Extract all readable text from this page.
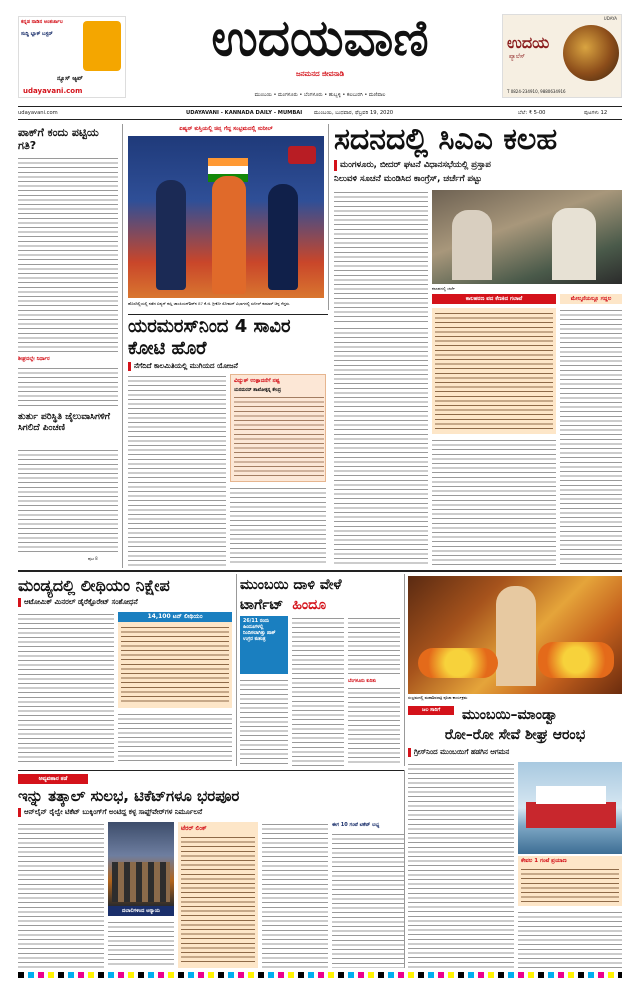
ಕನ್ನಡ ನಾಡಿನ ಅಂತರ್ಜಾಲ
ಸುದ್ದಿ ಬ್ಲಾಕ್ ಬಸ್ಟರ್
ನ್ಯೂಸ್ ಆ್ಯಪ್
udayavani.com
ಉದಯವಾಣಿ
ಜನಮನದ ಜೀವನಾಡಿ
ಮುಂಬಯಿ • ಮಂಗಳೂರು • ಬೆಂಗಳೂರು • ಹುಬ್ಬಳ್ಳಿ • ಕಲಬುರಗಿ • ಮಣಿಪಾಲ
UDAYA
ಉದಯ
ಪ್ಯಾಲೆಸ್
T 0824-234910, 9880634916
udayavani.com	UDAYAVANI - KANNADA DAILY - MUMBAI ಮುಂಬಯಿ, ಬುಧವಾರ, ಫೆಬ್ರವರಿ 19, 2020	ಬೆಲೆ: ₹ 5-00	ಪುಟಗಳು 12
ಪಾಕ್‌ಗೆ ಕಂದು ಪಟ್ಟಿಯ ಗತಿ?
ಶೀಘ್ರದಲ್ಲೇ ನಿರ್ಧಾರ
ತುರ್ತು ಪರಿಸ್ಥಿತಿ ಜೈಲುವಾಸಿಗಳಿಗೆ ಸಿಗಲಿದೆ ಪಿಂಚಣಿ
ಪುಟ 8
ಏಷ್ಯನ್ ಕುಸ್ತಿಯಲ್ಲಿ ಚಿನ್ನ ಗೆದ್ದ ಸಂಭ್ರಮದಲ್ಲಿ ಸುನೀಲ್
ಹೊಸದಿಲ್ಲಿಯಲ್ಲಿ ನಡೆದ ಏಷ್ಯನ್ ಕುಸ್ತಿ ಚಾಂಪಿಯನ್‌ಶಿಪ್‌ನ 87 ಕೆ.ಜಿ. ಗ್ರೀಕೋ ರೋಮನ್ ವಿಭಾಗದಲ್ಲಿ ಸುನೀಲ್ ಕುಮಾರ್ ಚಿನ್ನ ಗೆದ್ದರು.
ಯರಮರಸ್‌ನಿಂದ 4 ಸಾವಿರ ಕೋಟಿ ಹೊರೆ
ನೆಗೆದಿದೆ ಕಾಲಮಿತಿಯಲ್ಲಿ ಮುಗಿಯದ ಯೋಜನೆ
ವಿದ್ಯುತ್ ಉತ್ಪಾದನೆಗೆ ನಷ್ಟ
ಯರಮರಸ್ ಶಾಖೋತ್ಪನ್ನ ಕೇಂದ್ರ
ಸದನದಲ್ಲಿ ಸಿಎಎ ಕಲಹ
ಮಂಗಳೂರು, ಬೀದರ್ ಘಟನೆ ವಿಧಾನಸಭೆಯಲ್ಲಿ ಪ್ರಸ್ತಾಪ
ನಿಲುವಳಿ ಸೂಚನೆ ಮಂಡಿಸಿದ ಕಾಂಗ್ರೆಸ್, ಚರ್ಚೆಗೆ ಪಟ್ಟು
ಕಲಾಪದಲ್ಲಿ ಚರ್ಚೆ
ಕಾಲಹರಣ ಪದ ಕೆಣಕಿದ ಗಲಾಟೆ	ಮೇಲ್ಮನೆಯಲ್ಲೂ ಗದ್ದಲ
ಮಂಡ್ಯದಲ್ಲಿ ಲೀಥಿಯಂ ನಿಕ್ಷೇಪ
ಆಟೋಮಿಕ್ ಮಿನರಲ್ ಡೈರೆಕ್ಟೊರೇಟ್ ಸಂಶೋಧನೆ
14,100 ಟನ್ ಲೀಥಿಯಂ
ಮುಂಬಯಿ ದಾಳಿ ವೇಳೆ
ಟಾರ್ಗೆಟ್ ಹಿಂದೂ
26/11 ರಂದು ಹಿಂದೂಗಳಲ್ಲಿ ನಿಂದಿಸಲಾಗಿತ್ತು ಪಾಕ್ ಉಗ್ರರ ಕುತಂತ್ರ
ಬೆಂಗಳೂರು ಕುರಿತು
ಸಂಭ್ರಮದಲ್ಲಿ ಮಹಾಶಿವರಾತ್ರಿ ಪೂಜಾ ಕಾರ್ಯಕ್ರಮ
ಜಲ ಸಾರಿಗೆ	ಮುಂಬಯಿ–ಮಾಂಡ್ವಾ
ರೋ–ರೋ ಸೇವೆ ಶೀಘ್ರ ಆರಂಭ
ಗ್ರೀಸ್‌ನಿಂದ ಮುಂಬಯಿಗೆ ಹಡಗಿನ ಆಗಮನ
ಕೇವಲ 1 ಗಂಟೆ ಪ್ರಯಾಣ
ಅವ್ಯವಹಾರ ತಡೆ
ಇನ್ನು ತತ್ಕಾಲ್ ಸುಲಭ, ಟಿಕೆಟ್‌ಗಳೂ ಭರಪೂರ
ಆನ್‌ಲೈನ್ ರೈಲ್ವೇ ಟಿಕೆಟ್ ಬುಕ್ಕಿಂಗ್‌ಗೆ ಅಂಟಿದ್ದ ಕಳ್ಳ ಸಾಫ್ಟ್‌ವೇರ್‌ಗಳ ನಿರ್ಮೂಲನೆ
ದಲಾಲಿಗಳಿಂದ ಅನ್ಯಾಯ
ಟೆರರ್ ಲಿಂಕ್	ಈಗ 10 ಗಂಟೆ ಟಿಕೆಟ್ ಲಭ್ಯ
